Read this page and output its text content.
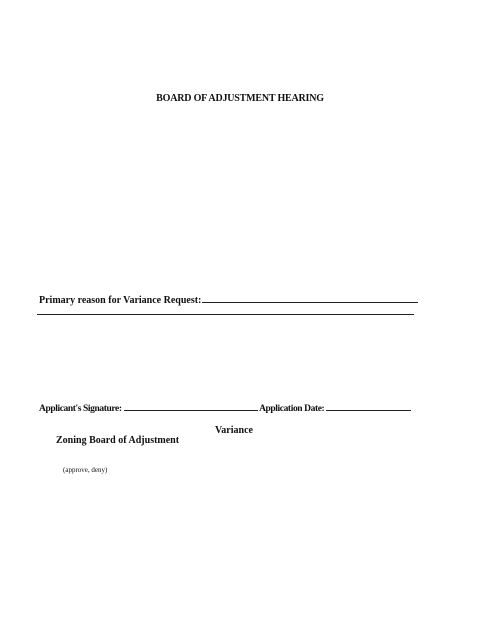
BOARD OF ADJUSTMENT HEARING
Primary reason for Variance Request:
Applicant's Signature:	Application Date:
Variance
Zoning Board of Adjustment
(approve, deny)
